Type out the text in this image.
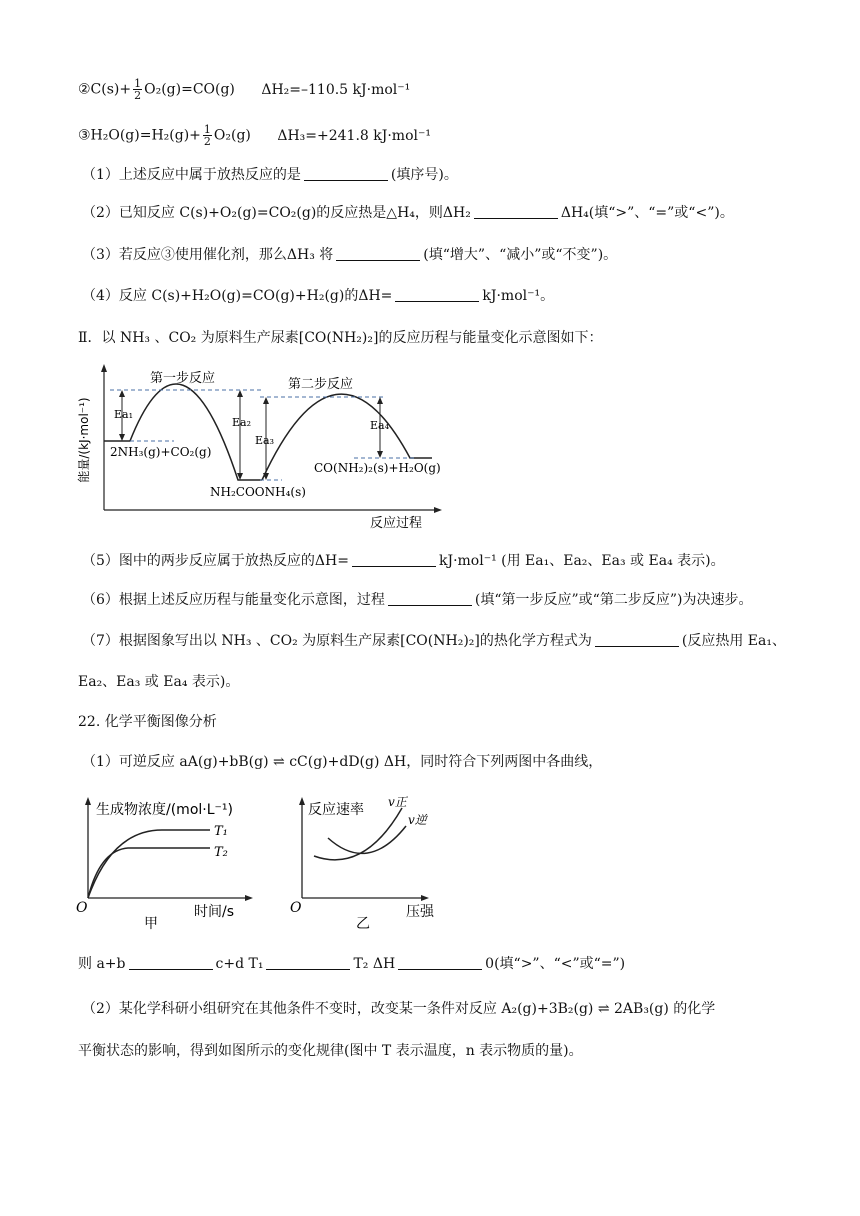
②C(s)+ $\frac{1}{2} O_2(g)=CO(g)$ ΔH₂=–110.5 kJ·mol⁻¹
③H₂O(g)=H₂(g)+ $\frac{1}{2} O_2(g)$ ΔH₃=+241.8 kJ·mol⁻¹
（1）上述反应中属于放热反应的是	(填序号)。
（2）已知反应 C(s)+O₂(g)=CO₂(g)的反应热是△H₄，则ΔH₂	ΔH₄(填“>”、“=”或“<”)。
（3）若反应③使用催化剂，那么ΔH₃ 将	(填“增大”、“减小”或“不变”)。
（4）反应 C(s)+H₂O(g)=CO(g)+H₂(g)的ΔH=	kJ·mol⁻¹。
Ⅱ．以 NH₃ 、CO₂ 为原料生产尿素[CO(NH₂)₂]的反应历程与能量变化示意图如下：
能量/(kJ·mol⁻¹)
反应过程
第一步反应	第二步反应
Ea₁
Ea₂
Ea₃
Ea₄
2NH₃(g)+CO₂(g)
NH₂COONH₄(s)
CO(NH₂)₂(s)+H₂O(g)
（5）图中的两步反应属于放热反应的ΔH=	kJ·mol⁻¹ (用 Ea₁、Ea₂、Ea₃ 或 Ea₄ 表示)。
（6）根据上述反应历程与能量变化示意图，过程	(填“第一步反应”或“第二步反应”)为决速步。
（7）根据图象写出以 NH₃ 、CO₂ 为原料生产尿素[CO(NH₂)₂]的热化学方程式为	(反应热用 Ea₁、
Ea₂、Ea₃ 或 Ea₄ 表示)。
22. 化学平衡图像分析
（1）可逆反应 aA(g)+bB(g) ⇌ cC(g)+dD(g) ΔH，同时符合下列两图中各曲线，
生成物浓度/(mol·L⁻¹)
T₁
T₂
O	时间/s
甲
反应速率 v正
v逆
O	压强
乙
则 a+b	c+d T₁	T₂ ΔH	0(填“>”、“<”或“=”)
（2）某化学科研小组研究在其他条件不变时，改变某一条件对反应 A₂(g)+3B₂(g) ⇌ 2AB₃(g) 的化学
平衡状态的影响，得到如图所示的变化规律(图中 T 表示温度，n 表示物质的量)。
